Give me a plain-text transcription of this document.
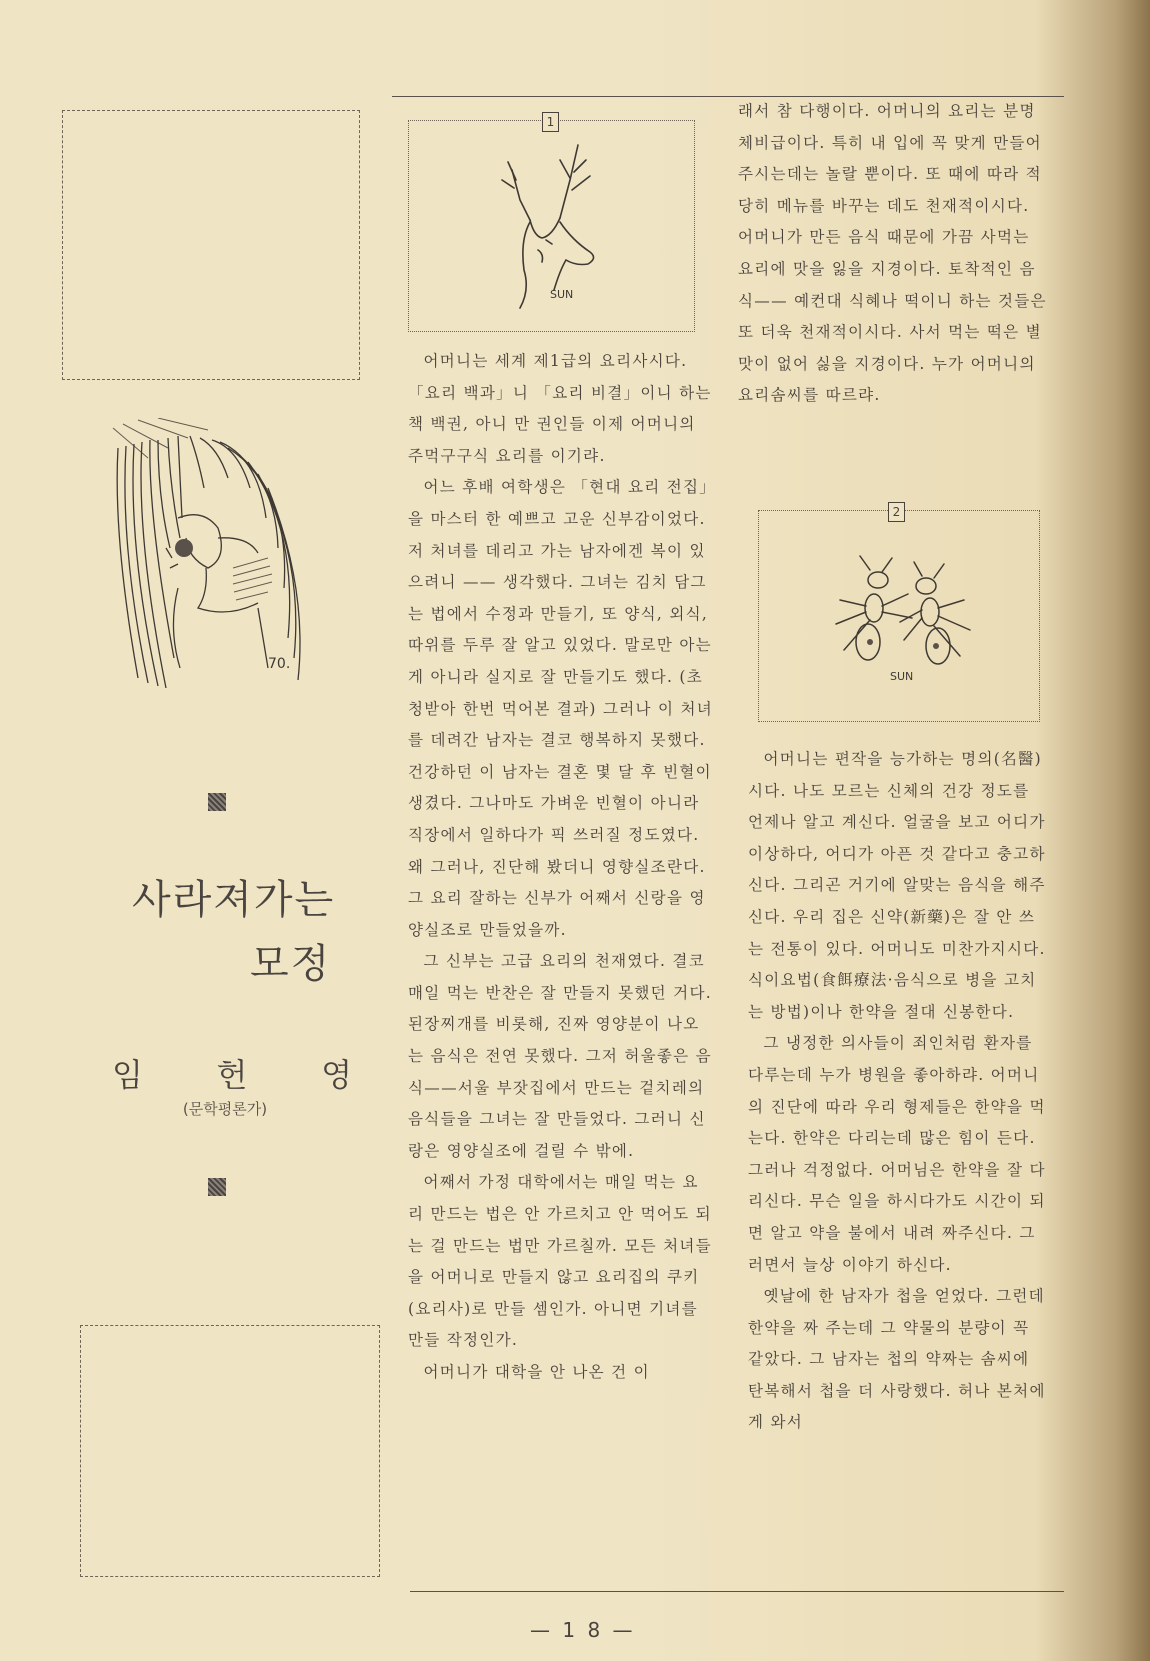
70.
사라져가는
모정
임 헌 영
(문학평론가)
1
SUN

어머니는 세계 제1급의 요리사시다. 「요리 백과」니 「요리 비결」이니 하는 책 백권, 아니 만 권인들 이제 어머니의 주먹구구식 요리를 이기랴.

어느 후배 여학생은 「현대 요리 전집」을 마스터 한 예쁘고 고운 신부감이었다. 저 처녀를 데리고 가는 남자에겐 복이 있으려니 —— 생각했다. 그녀는 김치 담그는 법에서 수정과 만들기, 또 양식, 외식, 따위를 두루 잘 알고 있었다. 말로만 아는 게 아니라 실지로 잘 만들기도 했다. (초청받아 한번 먹어본 결과) 그러나 이 처녀를 데려간 남자는 결코 행복하지 못했다. 건강하던 이 남자는 결혼 몇 달 후 빈혈이 생겼다. 그나마도 가벼운 빈혈이 아니라 직장에서 일하다가 픽 쓰러질 정도였다. 왜 그러나, 진단해 봤더니 영향실조란다. 그 요리 잘하는 신부가 어째서 신랑을 영양실조로 만들었을까.

그 신부는 고급 요리의 천재였다. 결코 매일 먹는 반찬은 잘 만들지 못했던 거다. 된장찌개를 비롯해, 진짜 영양분이 나오는 음식은 전연 못했다. 그저 허울좋은 음식——서울 부잣집에서 만드는 겉치레의 음식들을 그녀는 잘 만들었다. 그러니 신랑은 영양실조에 걸릴 수 밖에.

어째서 가정 대학에서는 매일 먹는 요리 만드는 법은 안 가르치고 안 먹어도 되는 걸 만드는 법만 가르칠까. 모든 처녀들을 어머니로 만들지 않고 요리집의 쿠키(요리사)로 만들 셈인가. 아니면 기녀를 만들 작정인가.

어머니가 대학을 안 나온 건 이

래서 참 다행이다. 어머니의 요리는 분명 체비급이다. 특히 내 입에 꼭 맞게 만들어 주시는데는 놀랄 뿐이다. 또 때에 따라 적당히 메뉴를 바꾸는 데도 천재적이시다. 어머니가 만든 음식 때문에 가끔 사먹는 요리에 맛을 잃을 지경이다. 토착적인 음식—— 예컨대 식혜나 떡이니 하는 것들은 또 더욱 천재적이시다. 사서 먹는 떡은 별 맛이 없어 싫을 지경이다. 누가 어머니의 요리솜씨를 따르랴.

2
SUN

어머니는 편작을 능가하는 명의(名醫)시다. 나도 모르는 신체의 건강 정도를 언제나 알고 계신다. 얼굴을 보고 어디가 이상하다, 어디가 아픈 것 같다고 충고하신다. 그리곤 거기에 알맞는 음식을 해주신다. 우리 집은 신약(新藥)은 잘 안 쓰는 전통이 있다. 어머니도 미찬가지시다. 식이요법(食餌療法·음식으로 병을 고치는 방법)이나 한약을 절대 신봉한다.

그 냉정한 의사들이 죄인처럼 환자를 다루는데 누가 병원을 좋아하랴. 어머니의 진단에 따라 우리 형제들은 한약을 먹는다. 한약은 다리는데 많은 힘이 든다. 그러나 걱정없다. 어머님은 한약을 잘 다리신다. 무슨 일을 하시다가도 시간이 되면 알고 약을 불에서 내려 짜주신다. 그러면서 늘상 이야기 하신다.

옛날에 한 남자가 첩을 얻었다. 그런데 한약을 짜 주는데 그 약물의 분량이 꼭 같았다. 그 남자는 첩의 약짜는 솜씨에 탄복해서 첩을 더 사랑했다. 허나 본처에게 와서

— 1 8 —
